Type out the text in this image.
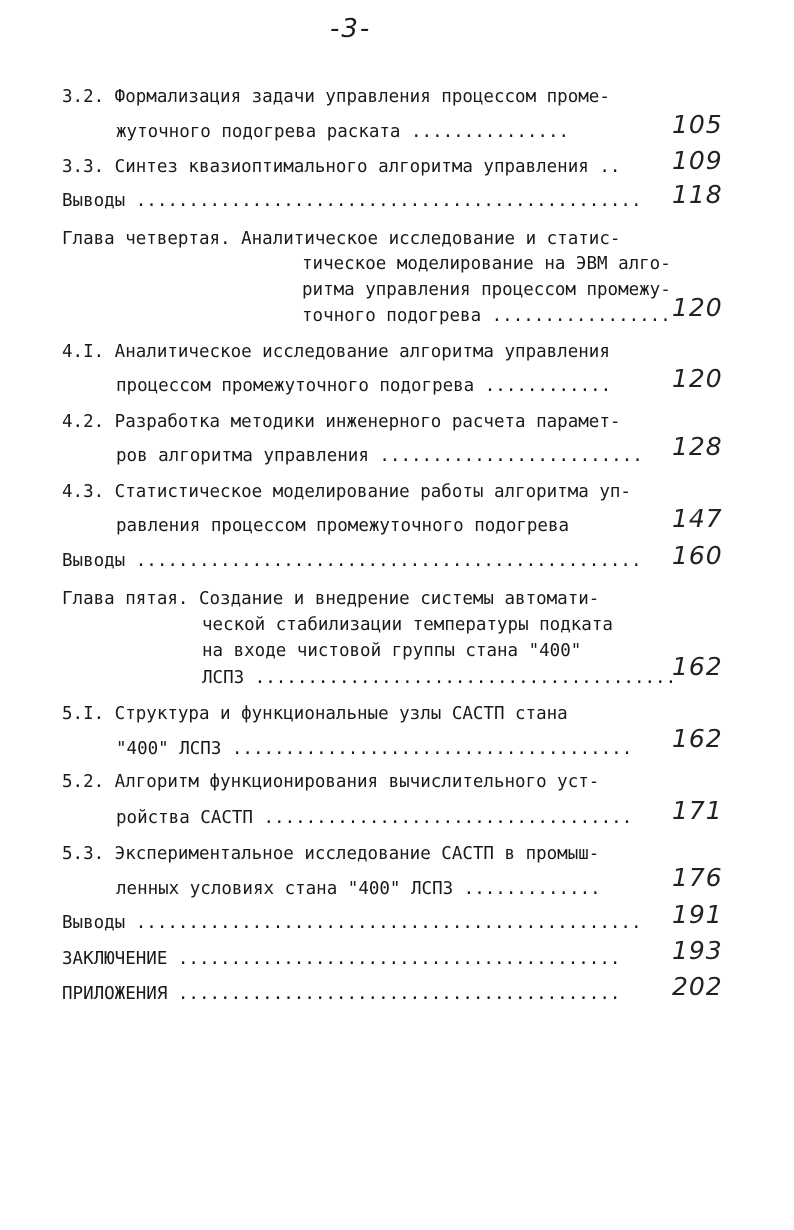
-3-
3.2. Формализация задачи управления процессом проме-
жуточного подогрева раската ...............	105
3.3. Синтез квазиоптимального алгоритма управления .. 109
Выводы ................................................ 118
Глава четвертая. Аналитическое исследование и статис-
тическое моделирование на ЭВМ алго-
ритма управления процессом промежу-
точного подогрева ................. 120
4.I. Аналитическое исследование алгоритма управления
процессом промежуточного подогрева ............ 120
4.2. Разработка методики инженерного расчета парамет-
ров алгоритма управления ......................... 128
4.3. Статистическое моделирование работы алгоритма уп-
равления процессом промежуточного подогрева	147
Выводы ................................................ 160
Глава пятая. Создание и внедрение системы автомати-
ческой стабилизации температуры подката
на входе чистовой группы стана "400"
ЛСПЗ ........................................
162
5.I. Структура и функциональные узлы САСТП стана
"400" ЛСПЗ ...................................... 162
5.2. Алгоритм функционирования вычислительного уст-
ройства САСТП ................................... 171
5.3. Экспериментальное исследование САСТП в промыш-
ленных условиях стана "400" ЛСПЗ .............	176
Выводы ................................................ 191
ЗАКЛЮЧЕНИЕ .......................................... 193
ПРИЛОЖЕНИЯ .......................................... 202
